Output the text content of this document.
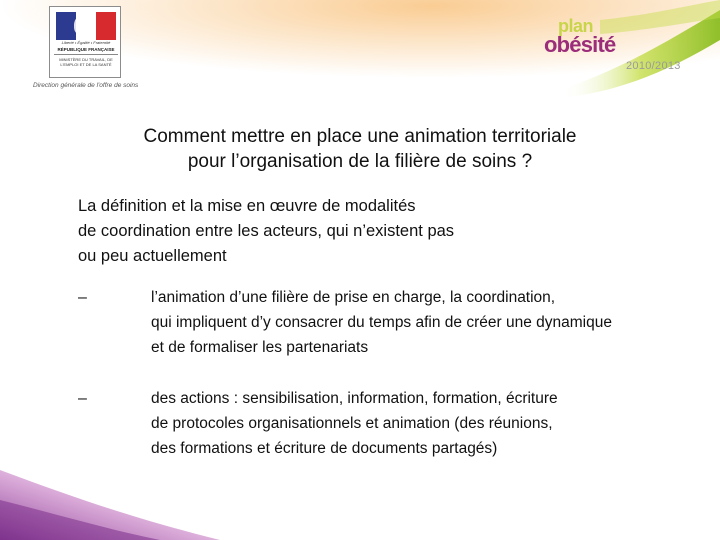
Liberté • Égalité • Fraternité
RÉPUBLIQUE FRANÇAISE
MINISTÈRE DU TRAVAIL, DE L'EMPLOI ET DE LA SANTÉ
Direction générale de l'offre de soins
plan
obésité
2010/2013
Comment mettre en place une animation territoriale
pour l’organisation de la filière de soins ?
La définition et la mise en œuvre de modalités
de coordination entre les acteurs, qui n’existent pas
ou peu actuellement
–	l’animation d’une filière de prise en charge, la coordination,
qui impliquent d’y consacrer du temps afin de créer une dynamique
et de formaliser les partenariats
–	des actions : sensibilisation, information, formation, écriture
de protocoles organisationnels et animation (des réunions,
des formations et écriture de documents partagés)
